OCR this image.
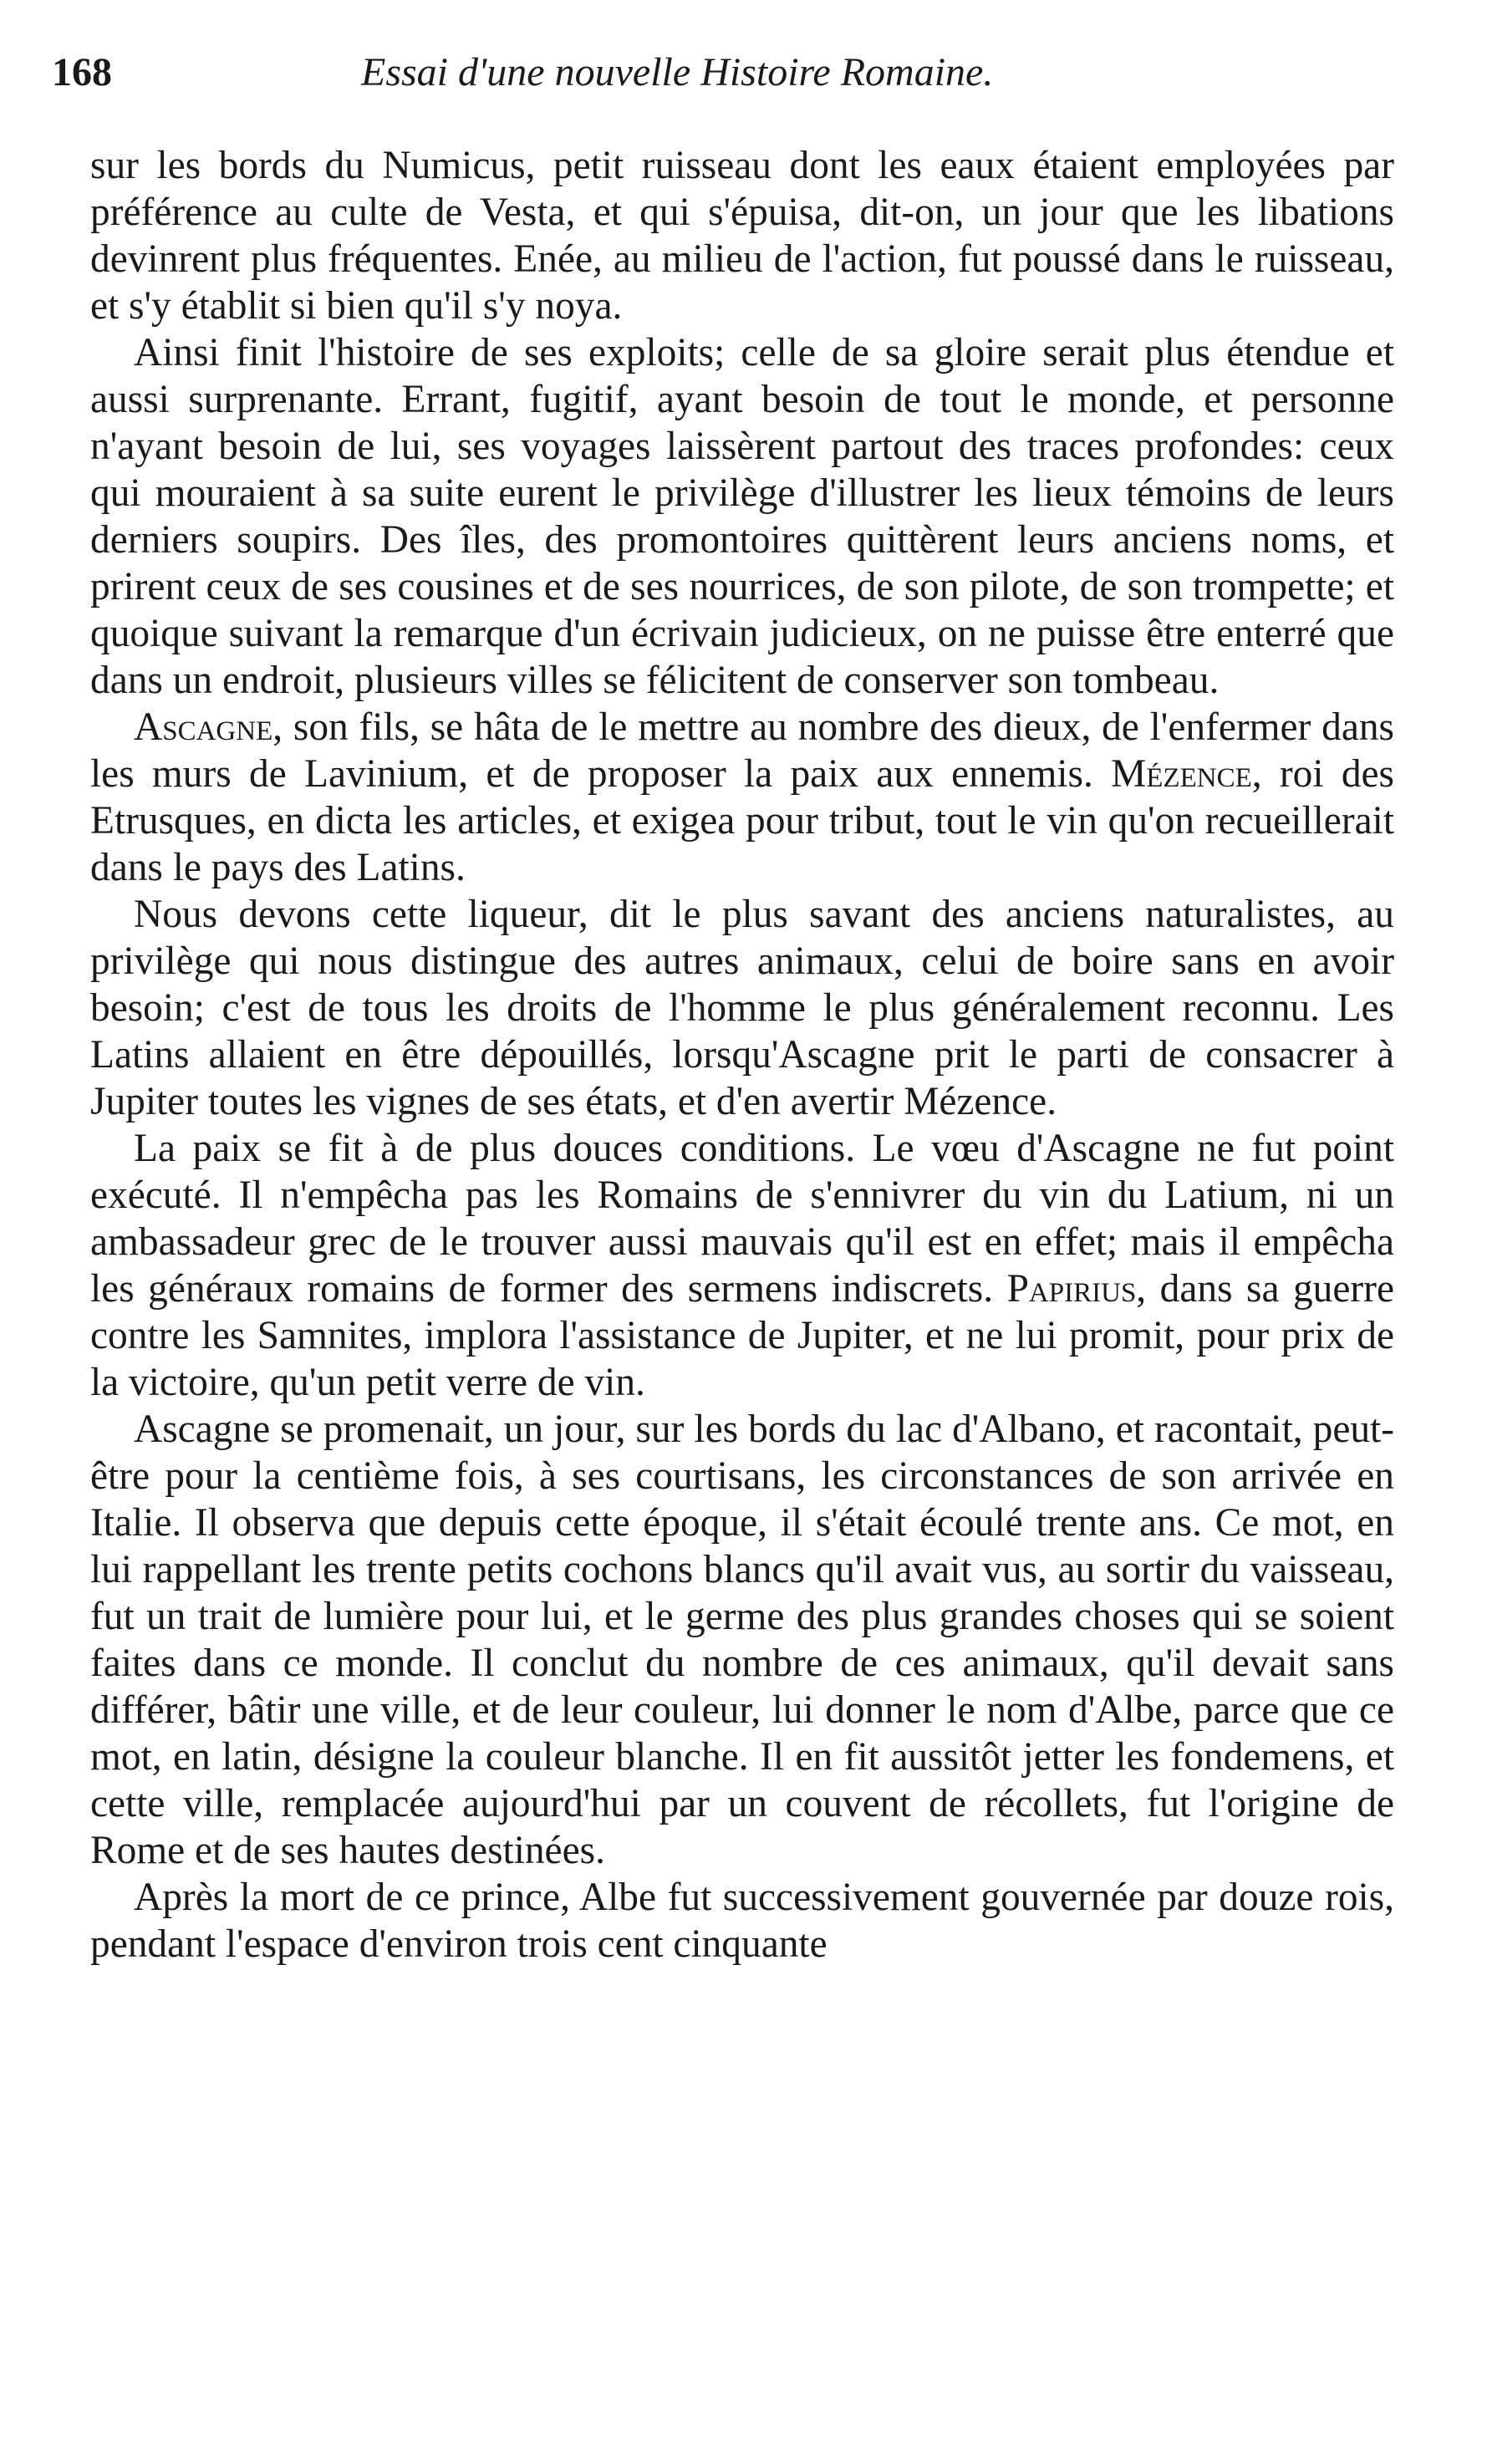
168	Essai d'une nouvelle Histoire Romaine.

sur les bords du Numicus, petit ruisseau dont les eaux étaient employées par préférence au culte de Vesta, et qui s'épuisa, dit-on, un jour que les libations devinrent plus fréquentes. Enée, au milieu de l'action, fut poussé dans le ruisseau, et s'y établit si bien qu'il s'y noya.

Ainsi finit l'histoire de ses exploits; celle de sa gloire serait plus étendue et aussi surprenante. Errant, fugitif, ayant besoin de tout le monde, et personne n'ayant besoin de lui, ses voyages laissèrent partout des traces profondes: ceux qui mouraient à sa suite eurent le privilège d'illustrer les lieux témoins de leurs derniers soupirs. Des îles, des promontoires quittèrent leurs anciens noms, et prirent ceux de ses cousines et de ses nourrices, de son pilote, de son trompette; et quoique suivant la remarque d'un écrivain judicieux, on ne puisse être enterré que dans un endroit, plusieurs villes se félicitent de conserver son tombeau.

Ascagne, son fils, se hâta de le mettre au nombre des dieux, de l'enfermer dans les murs de Lavinium, et de proposer la paix aux ennemis. Mézence, roi des Etrusques, en dicta les articles, et exigea pour tribut, tout le vin qu'on recueillerait dans le pays des Latins.

Nous devons cette liqueur, dit le plus savant des anciens naturalistes, au privilège qui nous distingue des autres animaux, celui de boire sans en avoir besoin; c'est de tous les droits de l'homme le plus généralement reconnu. Les Latins allaient en être dépouillés, lorsqu'Ascagne prit le parti de consacrer à Jupiter toutes les vignes de ses états, et d'en avertir Mézence.

La paix se fit à de plus douces conditions. Le vœu d'Ascagne ne fut point exécuté. Il n'empêcha pas les Romains de s'ennivrer du vin du Latium, ni un ambassadeur grec de le trouver aussi mauvais qu'il est en effet; mais il empêcha les généraux romains de former des sermens indiscrets. Papirius, dans sa guerre contre les Samnites, implora l'assistance de Jupiter, et ne lui promit, pour prix de la victoire, qu'un petit verre de vin.

Ascagne se promenait, un jour, sur les bords du lac d'Albano, et racontait, peut-être pour la centième fois, à ses courtisans, les circonstances de son arrivée en Italie. Il observa que depuis cette époque, il s'était écoulé trente ans. Ce mot, en lui rappellant les trente petits cochons blancs qu'il avait vus, au sortir du vaisseau, fut un trait de lumière pour lui, et le germe des plus grandes choses qui se soient faites dans ce monde. Il conclut du nombre de ces animaux, qu'il devait sans différer, bâtir une ville, et de leur couleur, lui donner le nom d'Albe, parce que ce mot, en latin, désigne la couleur blanche. Il en fit aussitôt jetter les fondemens, et cette ville, remplacée aujourd'hui par un couvent de récollets, fut l'origine de Rome et de ses hautes destinées.

Après la mort de ce prince, Albe fut successivement gouvernée par douze rois, pendant l'espace d'environ trois cent cinquante
